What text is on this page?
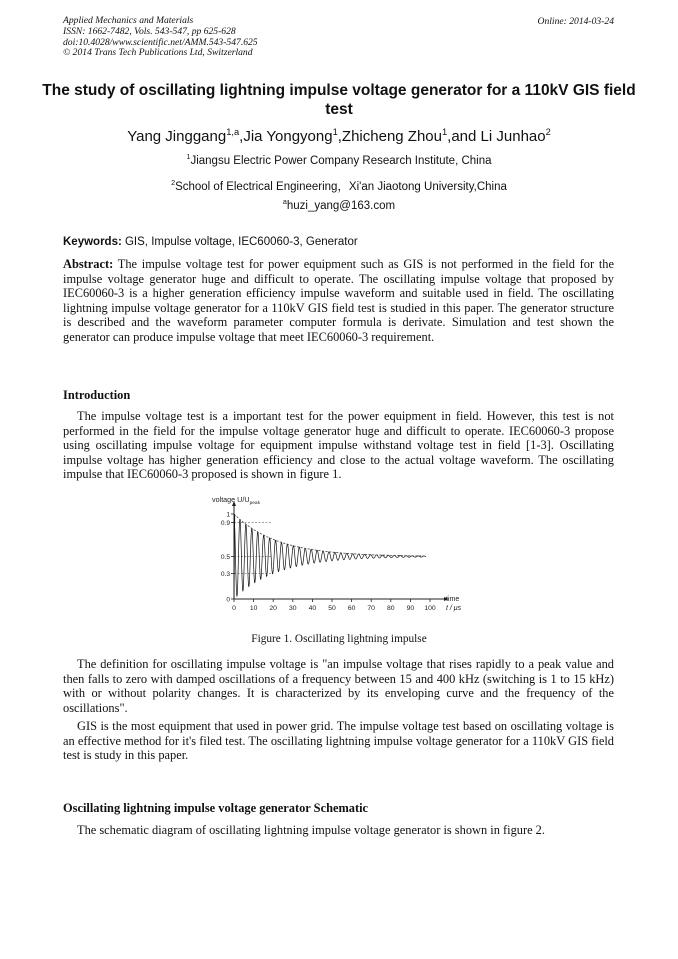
Applied Mechanics and Materials
ISSN: 1662-7482, Vols. 543-547, pp 625-628
doi:10.4028/www.scientific.net/AMM.543-547.625
© 2014 Trans Tech Publications Ltd, Switzerland
Online: 2014-03-24
The study of oscillating lightning impulse voltage generator for a 110kV GIS field test
Yang Jinggang$^{1,a}$,Jia Yongyong$^1$,Zhicheng Zhou$^1$,and Li Junhao$^2$
$^1$Jiangsu Electric Power Company Research Institute, China
$^2$School of Electrical Engineering，Xi'an Jiaotong University,China
$^a$huzi_yang@163.com
Keywords: GIS, Impulse voltage, IEC60060-3, Generator
Abstract: The impulse voltage test for power equipment such as GIS is not performed in the field for the impulse voltage generator huge and difficult to operate. The oscillating impulse voltage that proposed by IEC60060-3 is a higher generation efficiency impulse waveform and suitable used in field. The oscillating lightning impulse voltage generator for a 110kV GIS field test is studied in this paper. The generator structure is described and the waveform parameter computer formula is derivate. Simulation and test shown the generator can produce impulse voltage that meet IEC60060-3 requirement.
Introduction
The impulse voltage test is a important test for the power equipment in field. However, this test is not performed in the field for the impulse voltage generator huge and difficult to operate. IEC60060-3 propose using oscillating impulse voltage for equipment impulse withstand voltage test in field [1-3]. Oscillating impulse voltage has higher generation efficiency and close to the actual voltage waveform. The oscillating impulse that IEC60060-3 proposed is shown in figure 1.
voltage $U/U_{peak}$
time
t / μs
0 10 20 30 40 50 60 70 80 90 100
0
0.3
0.5
0.9
1
Figure 1. Oscillating lightning impulse
The definition for oscillating impulse voltage is "an impulse voltage that rises rapidly to a peak value and then falls to zero with damped oscillations of a frequency between 15 and 400 kHz (switching is 1 to 15 kHz) with or without polarity changes. It is characterized by its enveloping curve and the frequency of the oscillations".
GIS is the most equipment that used in power grid. The impulse voltage test based on oscillating voltage is an effective method for it's filed test. The oscillating lightning impulse voltage generator for a 110kV GIS field test is study in this paper.
Oscillating lightning impulse voltage generator Schematic
The schematic diagram of oscillating lightning impulse voltage generator is shown in figure 2.
